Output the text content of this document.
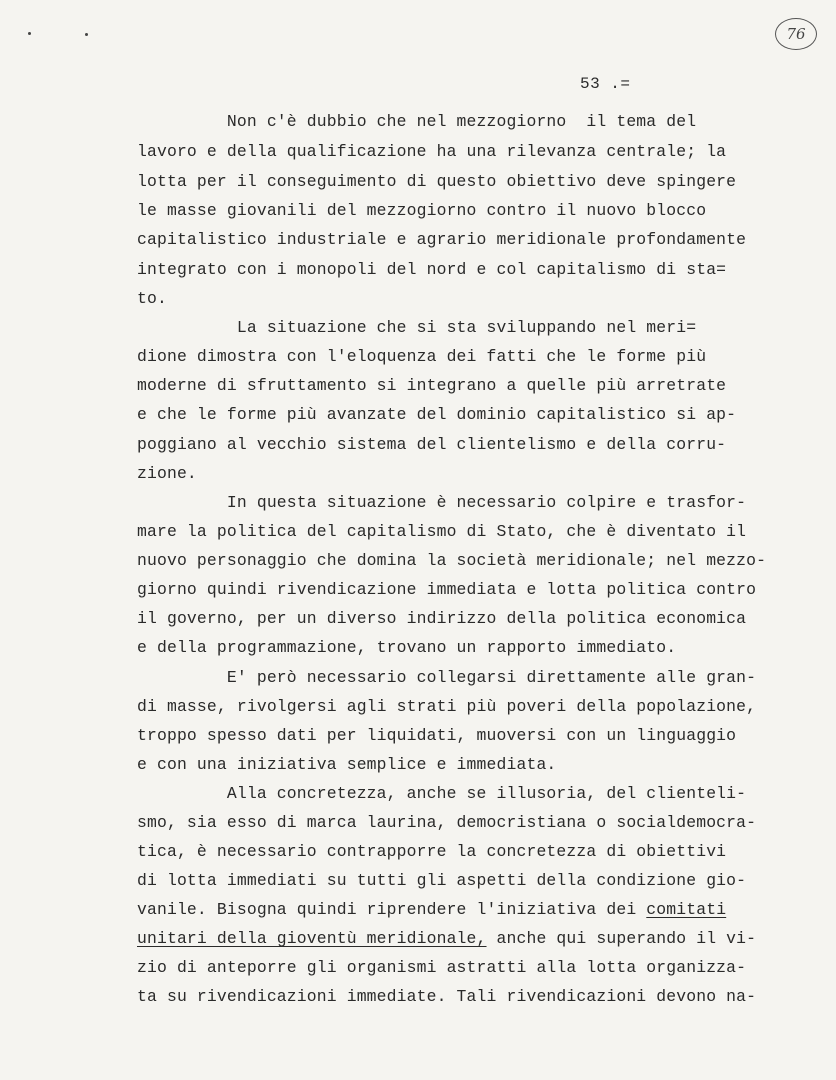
76
53 .=
Non c'è dubbio che nel mezzogiorno  il tema del
lavoro e della qualificazione ha una rilevanza centrale; la
lotta per il conseguimento di questo obiettivo deve spingere
le masse giovanili del mezzogiorno contro il nuovo blocco
capitalistico industriale e agrario meridionale profondamente
integrato con i monopoli del nord e col capitalismo di sta=
to.
La situazione che si sta sviluppando nel meri=
dione dimostra con l'eloquenza dei fatti che le forme più
moderne di sfruttamento si integrano a quelle più arretrate
e che le forme più avanzate del dominio capitalistico si ap-
poggiano al vecchio sistema del clientelismo e della corru-
zione.
In questa situazione è necessario colpire e trasfor-
mare la politica del capitalismo di Stato, che è diventato il
nuovo personaggio che domina la società meridionale; nel mezzo-
giorno quindi rivendicazione immediata e lotta politica contro
il governo, per un diverso indirizzo della politica economica
e della programmazione, trovano un rapporto immediato.
E' però necessario collegarsi direttamente alle gran-
di masse, rivolgersi agli strati più poveri della popolazione,
troppo spesso dati per liquidati, muoversi con un linguaggio
e con una iniziativa semplice e immediata.
Alla concretezza, anche se illusoria, del clienteli-
smo, sia esso di marca laurina, democristiana o socialdemocra-
tica, è necessario contrapporre la concretezza di obiettivi
di lotta immediati su tutti gli aspetti della condizione gio-
vanile. Bisogna quindi riprendere l'iniziativa dei comitati
unitari della gioventù meridionale, anche qui superando il vi-
zio di anteporre gli organismi astratti alla lotta organizza-
ta su rivendicazioni immediate. Tali rivendicazioni devono na-
